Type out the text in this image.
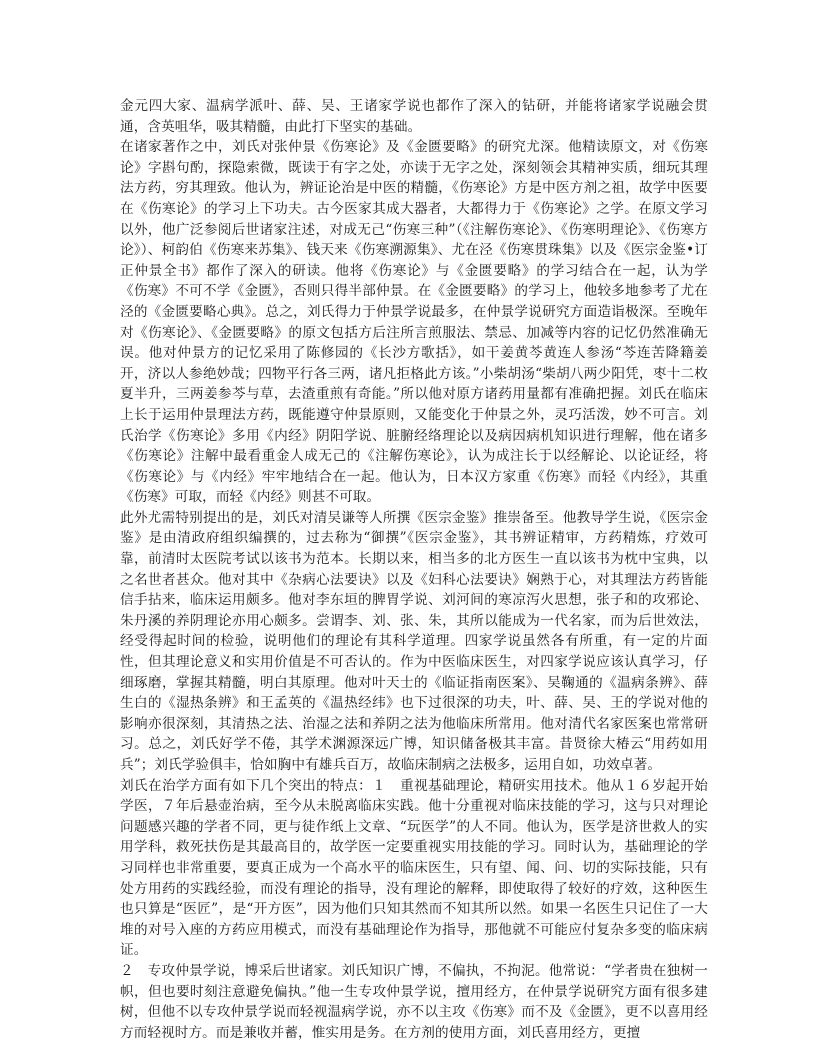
金元四大家、温病学派叶、薛、吴、王诸家学说也都作了深入的钻研，并能将诸家学说融会贯通，含英咀华，吸其精髓，由此打下坚实的基础。

在诸家著作之中，刘氏对张仲景《伤寒论》及《金匮要略》的研究尤深。他精读原文，对《伤寒论》字斟句酌，探隐索微，既读于有字之处，亦读于无字之处，深刻领会其精神实质，细玩其理法方药，穷其理致。他认为，辨证论治是中医的精髓，《伤寒论》方是中医方剂之祖，故学中医要在《伤寒论》的学习上下功夫。古今医家其成大器者，大都得力于《伤寒论》之学。在原文学习以外，他广泛参阅后世诸家注述，对成无己“伤寒三种”（《注解伤寒论》、《伤寒明理论》、《伤寒方论》）、柯韵伯《伤寒来苏集》、钱天来《伤寒溯源集》、尤在泾《伤寒贯珠集》以及《医宗金鉴•订正仲景全书》都作了深入的研读。他将《伤寒论》与《金匮要略》的学习结合在一起，认为学《伤寒》不可不学《金匮》，否则只得半部仲景。在《金匮要略》的学习上，他较多地参考了尤在泾的《金匮要略心典》。总之，刘氏得力于仲景学说最多，在仲景学说研究方面造诣极深。至晚年对《伤寒论》、《金匮要略》的原文包括方后注所言煎服法、禁忌、加减等内容的记忆仍然准确无误。他对仲景方的记忆采用了陈修园的《长沙方歌括》，如干姜黄芩黄连人参汤“芩连苦降籍姜开，济以人参绝妙哉；四物平行各三两，诸凡拒格此方该。”小柴胡汤“柴胡八两少阳凭，枣十二枚夏半升，三两姜参芩与草，去渣重煎有奇能。”所以他对原方诸药用量都有准确把握。刘氏在临床上长于运用仲景理法方药，既能遵守仲景原则，又能变化于仲景之外，灵巧活泼，妙不可言。刘氏治学《伤寒论》多用《内经》阴阳学说、脏腑经络理论以及病因病机知识进行理解，他在诸多《伤寒论》注解中最看重金人成无己的《注解伤寒论》，认为成注长于以经解论、以论证经，将《伤寒论》与《内经》牢牢地结合在一起。他认为，日本汉方家重《伤寒》而轻《内经》，其重《伤寒》可取，而轻《内经》则甚不可取。

此外尤需特别提出的是，刘氏对清吴谦等人所撰《医宗金鉴》推崇备至。他教导学生说，《医宗金鉴》是由清政府组织编撰的，过去称为“御撰”《医宗金鉴》，其书辨证精审，方药精炼，疗效可靠，前清时太医院考试以该书为范本。长期以来，相当多的北方医生一直以该书为枕中宝典，以之名世者甚众。他对其中《杂病心法要诀》以及《妇科心法要诀》娴熟于心，对其理法方药皆能信手拈来，临床运用颇多。他对李东垣的脾胃学说、刘河间的寒凉泻火思想，张子和的攻邪论、朱丹溪的养阴理论亦用心颇多。尝谓李、刘、张、朱，其所以能成为一代名家，而为后世效法，经受得起时间的检验，说明他们的理论有其科学道理。四家学说虽然各有所重，有一定的片面性，但其理论意义和实用价值是不可否认的。作为中医临床医生，对四家学说应该认真学习，仔细琢磨，掌握其精髓，明白其原理。他对叶天士的《临证指南医案》、吴鞠通的《温病条辨》、薛生白的《湿热条辨》和王孟英的《温热经纬》也下过很深的功夫，叶、薛、吴、王的学说对他的影响亦很深刻，其清热之法、治湿之法和养阴之法为他临床所常用。他对清代名家医案也常常研习。总之，刘氏好学不倦，其学术渊源深远广博，知识储备极其丰富。昔贤徐大椿云“用药如用兵”；刘氏学验俱丰，恰如胸中有雄兵百万，故临床制病之法极多，运用自如，功效卓著。

刘氏在治学方面有如下几个突出的特点：１　重视基础理论，精研实用技术。他从１６岁起开始学医，７年后悬壶治病，至今从未脱离临床实践。他十分重视对临床技能的学习，这与只对理论问题感兴趣的学者不同，更与徒作纸上文章、“玩医学”的人不同。他认为，医学是济世救人的实用学科，救死扶伤是其最高目的，故学医一定要重视实用技能的学习。同时认为，基础理论的学习同样也非常重要，要真正成为一个高水平的临床医生，只有望、闻、问、切的实际技能，只有处方用药的实践经验，而没有理论的指导，没有理论的解释，即使取得了较好的疗效，这种医生也只算是“医匠”，是“开方医”，因为他们只知其然而不知其所以然。如果一名医生只记住了一大堆的对号入座的方药应用模式，而没有基础理论作为指导，那他就不可能应付复杂多变的临床病证。

２　专攻仲景学说，博采后世诸家。刘氏知识广博，不偏执，不拘泥。他常说：“学者贵在独树一帜，但也要时刻注意避免偏执。”他一生专攻仲景学说，擅用经方，在仲景学说研究方面有很多建树，但他不以专攻仲景学说而轻视温病学说，亦不以主攻《伤寒》而不及《金匮》，更不以喜用经方而轻视时方。而是兼收并蓄，惟实用是务。在方剂的使用方面，刘氏喜用经方，更擅
